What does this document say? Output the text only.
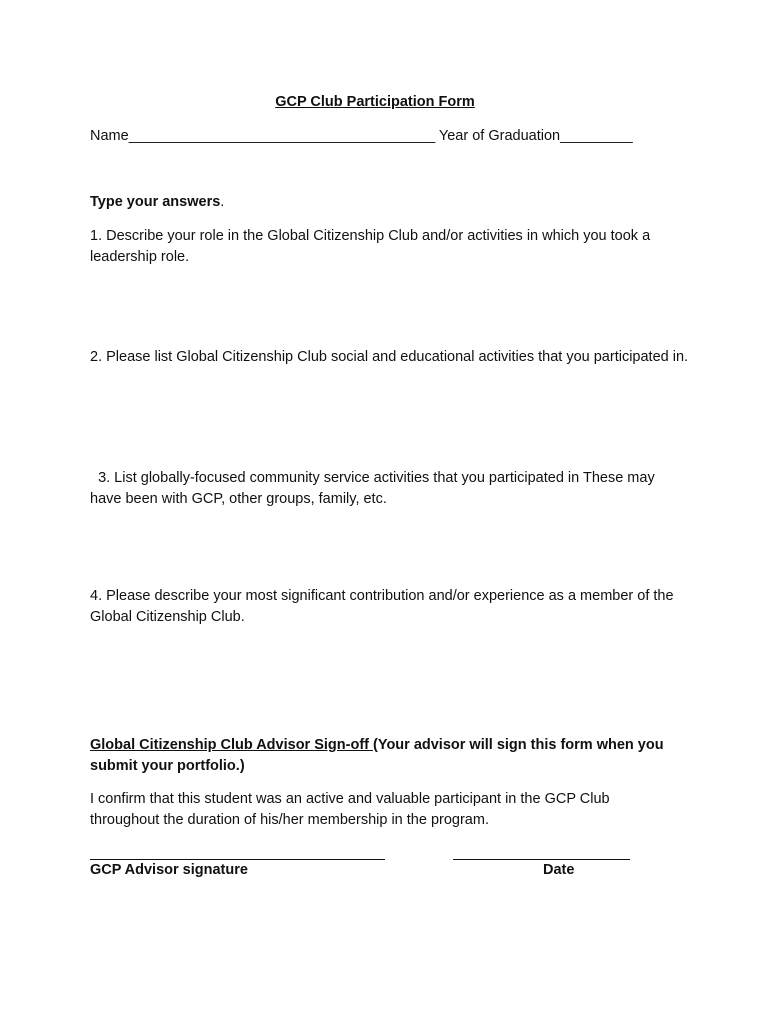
GCP Club Participation Form
Name______________________________________ Year of Graduation_________
Type your answers.
1. Describe your role in the Global Citizenship Club and/or activities in which you took a leadership role.
2. Please list Global Citizenship Club social and educational activities that you participated in.
3. List globally-focused community service activities that you participated in These may have been with GCP, other groups, family, etc.
4. Please describe your most significant contribution and/or experience as a member of the Global Citizenship Club.
Global Citizenship Club Advisor Sign-off (Your advisor will sign this form when you submit your portfolio.)
I confirm that this student was an active and valuable participant in the GCP Club throughout the duration of his/her membership in the program.
GCP Advisor signature	Date
